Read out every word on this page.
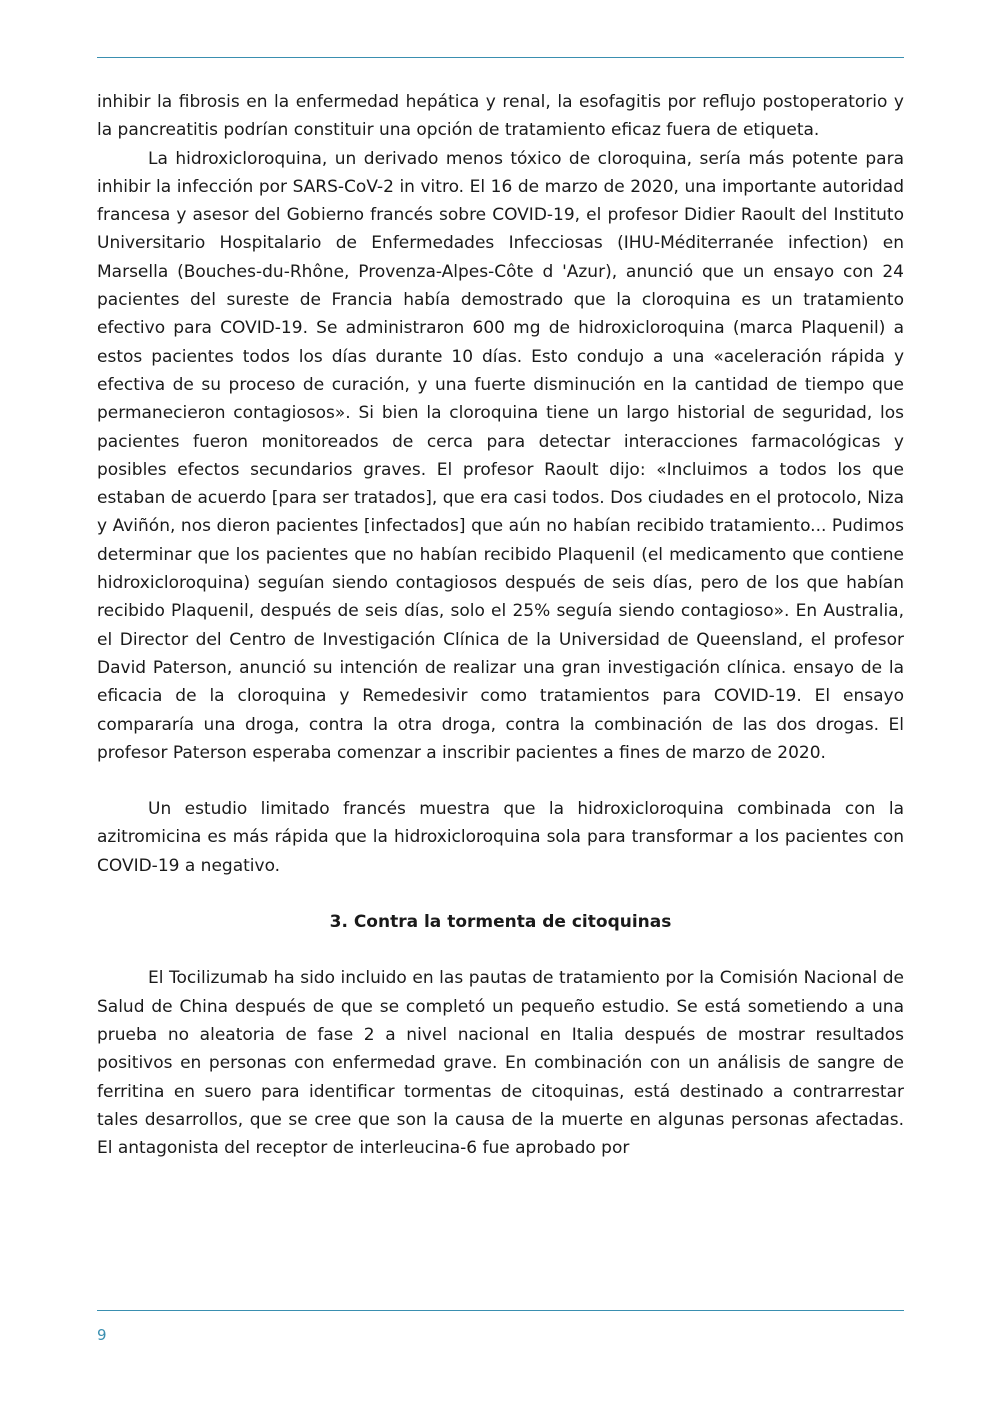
inhibir la fibrosis en la enfermedad hepática y renal, la esofagitis por reflujo postoperatorio y la pancreatitis podrían constituir una opción de tratamiento eficaz fuera de etiqueta.

La hidroxicloroquina, un derivado menos tóxico de cloroquina, sería más potente para inhibir la infección por SARS-CoV-2 in vitro. El 16 de marzo de 2020, una importante autoridad francesa y asesor del Gobierno francés sobre COVID-19, el profesor Didier Raoult del Instituto Universitario Hospitalario de Enfermedades Infecciosas (IHU-Méditerranée infection) en Marsella (Bouches-du-Rhône, Provenza-Alpes-Côte d 'Azur), anunció que un ensayo con 24 pacientes del sureste de Francia había demostrado que la cloroquina es un tratamiento efectivo para COVID-19. Se administraron 600 mg de hidroxicloroquina (marca Plaquenil) a estos pacientes todos los días durante 10 días. Esto condujo a una «aceleración rápida y efectiva de su proceso de curación, y una fuerte disminución en la cantidad de tiempo que permanecieron contagiosos». Si bien la cloroquina tiene un largo historial de seguridad, los pacientes fueron monitoreados de cerca para detectar interacciones farmacológicas y posibles efectos secundarios graves. El profesor Raoult dijo: «Incluimos a todos los que estaban de acuerdo [para ser tratados], que era casi todos. Dos ciudades en el protocolo, Niza y Aviñón, nos dieron pacientes [infectados] que aún no habían recibido tratamiento... Pudimos determinar que los pacientes que no habían recibido Plaquenil (el medicamento que contiene hidroxicloroquina) seguían siendo contagiosos después de seis días, pero de los que habían recibido Plaquenil, después de seis días, solo el 25% seguía siendo contagioso». En Australia, el Director del Centro de Investigación Clínica de la Universidad de Queensland, el profesor David Paterson, anunció su intención de realizar una gran investigación clínica. ensayo de la eficacia de la cloroquina y Remedesivir como tratamientos para COVID-19. El ensayo compararía una droga, contra la otra droga, contra la combinación de las dos drogas. El profesor Paterson esperaba comenzar a inscribir pacientes a fines de marzo de 2020.

Un estudio limitado francés muestra que la hidroxicloroquina combinada con la azitromicina es más rápida que la hidroxicloroquina sola para transformar a los pacientes con COVID-19 a negativo.

3. Contra la tormenta de citoquinas

El Tocilizumab ha sido incluido en las pautas de tratamiento por la Comisión Nacional de Salud de China después de que se completó un pequeño estudio. Se está sometiendo a una prueba no aleatoria de fase 2 a nivel nacional en Italia después de mostrar resultados positivos en personas con enfermedad grave. En combinación con un análisis de sangre de ferritina en suero para identificar tormentas de citoquinas, está destinado a contrarrestar tales desarrollos, que se cree que son la causa de la muerte en algunas personas afectadas. El antagonista del receptor de interleucina-6 fue aprobado por

9
